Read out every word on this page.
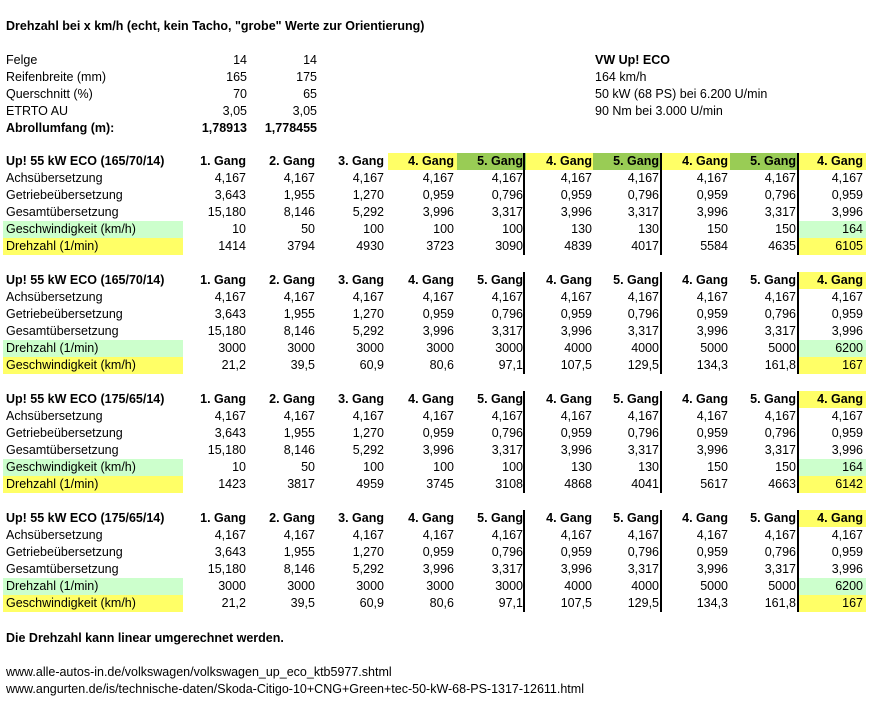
Drehzahl bei x km/h (echt, kein Tacho, "grobe" Werte zur Orientierung)
Felge	14	14
Reifenbreite (mm)	165	175
Querschnitt (%)	70	65
ETRTO AU	3,05	3,05
Abrollumfang (m):	1,78913	1,778455
VW Up! ECO
164 km/h
50 kW (68 PS) bei 6.200 U/min
90 Nm bei 3.000 U/min
Up! 55 kW ECO (165/70/14)	1. Gang	2. Gang	3. Gang	4. Gang	5. Gang	4. Gang	5. Gang	4. Gang	5. Gang	4. Gang
Achsübersetzung	4,167	4,167	4,167	4,167	4,167	4,167	4,167	4,167	4,167	4,167
Getriebeübersetzung	3,643	1,955	1,270	0,959	0,796	0,959	0,796	0,959	0,796	0,959
Gesamtübersetzung	15,180	8,146	5,292	3,996	3,317	3,996	3,317	3,996	3,317	3,996
Geschwindigkeit (km/h)	10	50	100	100	100	130	130	150	150	164
Drehzahl (1/min)	1414	3794	4930	3723	3090	4839	4017	5584	4635	6105
Up! 55 kW ECO (165/70/14)	1. Gang	2. Gang	3. Gang	4. Gang	5. Gang	4. Gang	5. Gang	4. Gang	5. Gang	4. Gang
Achsübersetzung	4,167	4,167	4,167	4,167	4,167	4,167	4,167	4,167	4,167	4,167
Getriebeübersetzung	3,643	1,955	1,270	0,959	0,796	0,959	0,796	0,959	0,796	0,959
Gesamtübersetzung	15,180	8,146	5,292	3,996	3,317	3,996	3,317	3,996	3,317	3,996
Drehzahl (1/min)	3000	3000	3000	3000	3000	4000	4000	5000	5000	6200
Geschwindigkeit (km/h)	21,2	39,5	60,9	80,6	97,1	107,5	129,5	134,3	161,8	167
Up! 55 kW ECO (175/65/14)	1. Gang	2. Gang	3. Gang	4. Gang	5. Gang	4. Gang	5. Gang	4. Gang	5. Gang	4. Gang
Achsübersetzung	4,167	4,167	4,167	4,167	4,167	4,167	4,167	4,167	4,167	4,167
Getriebeübersetzung	3,643	1,955	1,270	0,959	0,796	0,959	0,796	0,959	0,796	0,959
Gesamtübersetzung	15,180	8,146	5,292	3,996	3,317	3,996	3,317	3,996	3,317	3,996
Geschwindigkeit (km/h)	10	50	100	100	100	130	130	150	150	164
Drehzahl (1/min)	1423	3817	4959	3745	3108	4868	4041	5617	4663	6142
Up! 55 kW ECO (175/65/14)	1. Gang	2. Gang	3. Gang	4. Gang	5. Gang	4. Gang	5. Gang	4. Gang	5. Gang	4. Gang
Achsübersetzung	4,167	4,167	4,167	4,167	4,167	4,167	4,167	4,167	4,167	4,167
Getriebeübersetzung	3,643	1,955	1,270	0,959	0,796	0,959	0,796	0,959	0,796	0,959
Gesamtübersetzung	15,180	8,146	5,292	3,996	3,317	3,996	3,317	3,996	3,317	3,996
Drehzahl (1/min)	3000	3000	3000	3000	3000	4000	4000	5000	5000	6200
Geschwindigkeit (km/h)	21,2	39,5	60,9	80,6	97,1	107,5	129,5	134,3	161,8	167
Die Drehzahl kann linear umgerechnet werden.
www.alle-autos-in.de/volkswagen/volkswagen_up_eco_ktb5977.shtml
www.angurten.de/is/technische-daten/Skoda-Citigo-10+CNG+Green+tec-50-kW-68-PS-1317-12611.html
